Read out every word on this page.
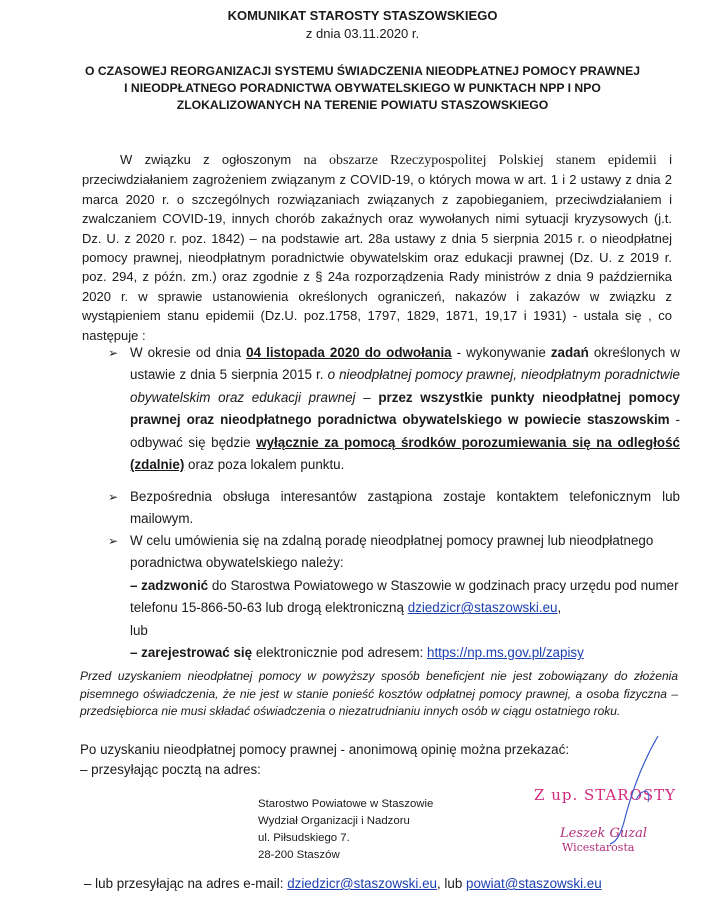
KOMUNIKAT STAROSTY STASZOWSKIEGO
z dnia 03.11.2020 r.
O CZASOWEJ REORGANIZACJI SYSTEMU ŚWIADCZENIA NIEODPŁATNEJ POMOCY PRAWNEJ
I NIEODPŁATNEGO PORADNICTWA OBYWATELSKIEGO W PUNKTACH NPP I NPO
ZLOKALIZOWANYCH NA TERENIE POWIATU STASZOWSKIEGO
W związku z ogłoszonym na obszarze Rzeczypospolitej Polskiej stanem epidemii i przeciwdziałaniem zagrożeniem związanym z COVID-19, o których mowa w art. 1 i 2 ustawy z dnia 2 marca 2020 r. o szczególnych rozwiązaniach związanych z zapobieganiem, przeciwdziałaniem i zwalczaniem COVID-19, innych chorób zakaźnych oraz wywołanych nimi sytuacji kryzysowych (j.t. Dz. U. z 2020 r. poz. 1842) – na podstawie art. 28a ustawy z dnia 5 sierpnia 2015 r. o nieodpłatnej pomocy prawnej, nieodpłatnym poradnictwie obywatelskim oraz edukacji prawnej (Dz. U. z 2019 r. poz. 294, z późn. zm.) oraz zgodnie z § 24a rozporządzenia Rady ministrów z dnia 9 października 2020 r. w sprawie ustanowienia określonych ograniczeń, nakazów i zakazów w związku z wystąpieniem stanu epidemii (Dz.U. poz.1758, 1797, 1829, 1871, 19,17 i 1931) - ustala się , co następuje :
➢ W okresie od dnia 04 listopada 2020 do odwołania - wykonywanie zadań określonych w ustawie z dnia 5 sierpnia 2015 r. o nieodpłatnej pomocy prawnej, nieodpłatnym poradnictwie obywatelskim oraz edukacji prawnej – przez wszystkie punkty nieodpłatnej pomocy prawnej oraz nieodpłatnego poradnictwa obywatelskiego w powiecie staszowskim - odbywać się będzie wyłącznie za pomocą środków porozumiewania się na odległość (zdalnie) oraz poza lokalem punktu.
➢ Bezpośrednia obsługa interesantów zastąpiona zostaje kontaktem telefonicznym lub mailowym.
➢ W celu umówienia się na zdalną poradę nieodpłatnej pomocy prawnej lub nieodpłatnego poradnictwa obywatelskiego należy:
– zadzwonić do Starostwa Powiatowego w Staszowie w godzinach pracy urzędu pod numer telefonu 15-866-50-63 lub drogą elektroniczną dziedzicr@staszowski.eu,
lub
– zarejestrować się elektronicznie pod adresem: https://np.ms.gov.pl/zapisy
Przed uzyskaniem nieodpłatnej pomocy w powyższy sposób beneficjent nie jest zobowiązany do złożenia pisemnego oświadczenia, że nie jest w stanie ponieść kosztów odpłatnej pomocy prawnej, a osoba fizyczna – przedsiębiorca nie musi składać oświadczenia o niezatrudnianiu innych osób w ciągu ostatniego roku.
Po uzyskaniu nieodpłatnej pomocy prawnej - anonimową opinię można przekazać:
– przesyłając pocztą na adres:
Starostwo Powiatowe w Staszowie
Wydział Organizacji i Nadzoru
ul. Piłsudskiego 7.
28-200 Staszów
Z up. STAROSTY
Leszek Guzal
Wicestarosta
– lub przesyłając na adres e-mail: dziedzicr@staszowski.eu, lub powiat@staszowski.eu
